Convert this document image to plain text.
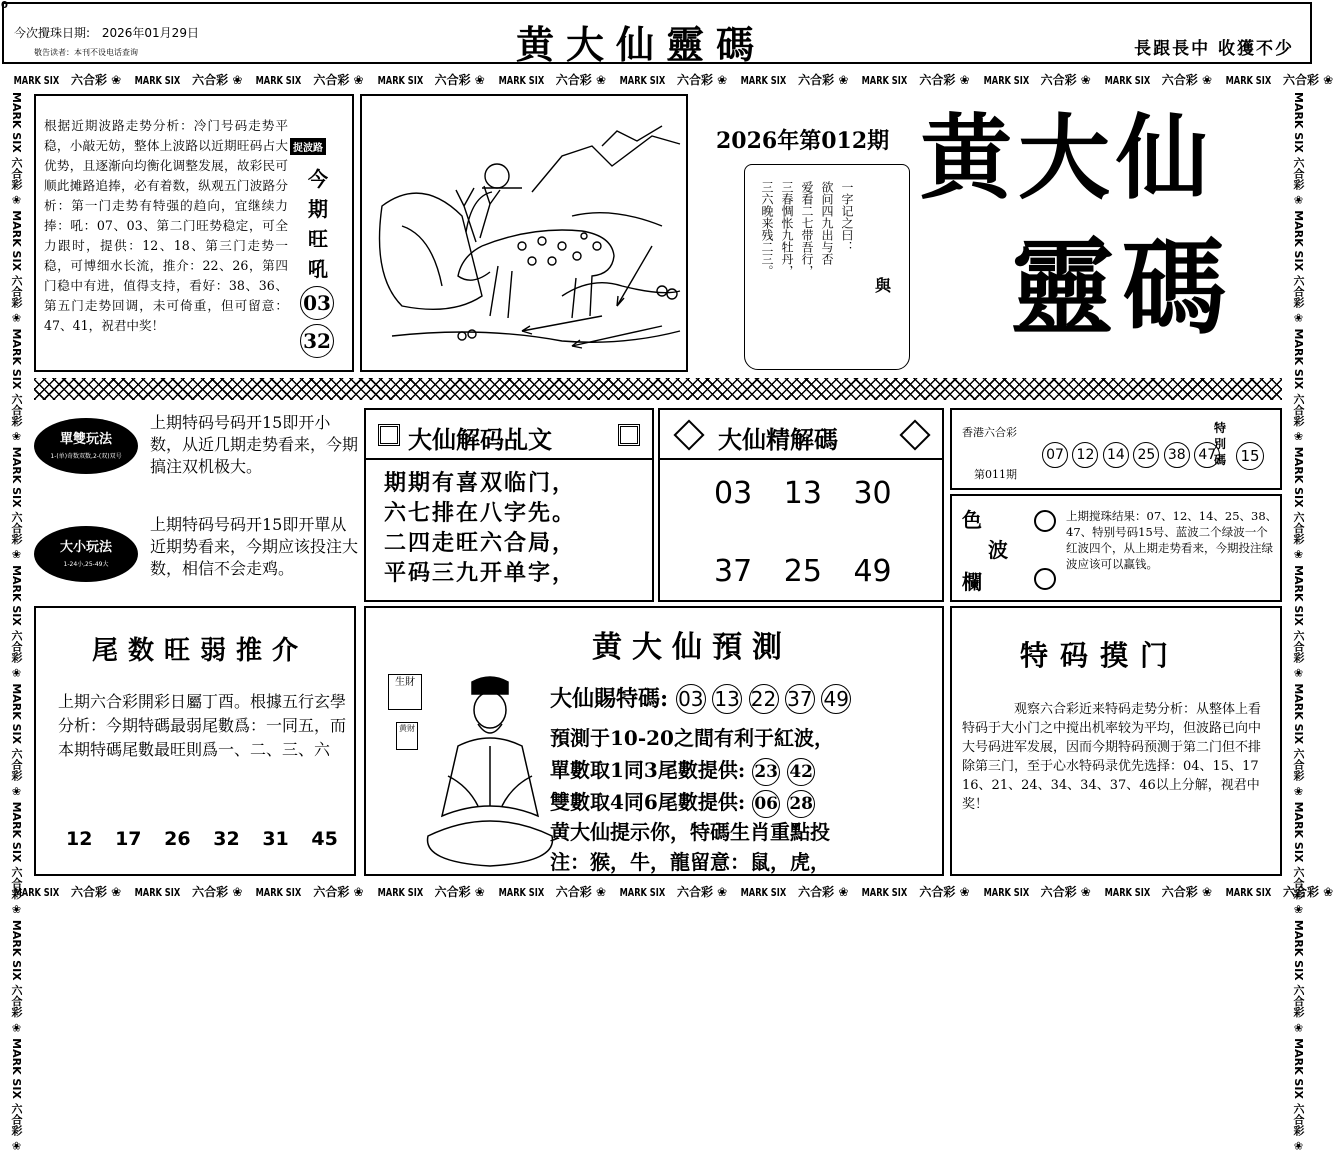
0
今次攪珠日期: 2026年01月29日
敬告读者：本刊不设电话查询	黄大仙靈碼	長跟長中 收獲不少
MARK SIX 六合彩 ❀ MARK SIX 六合彩 ❀ MARK SIX 六合彩 ❀ MARK SIX 六合彩 ❀ MARK SIX 六合彩 ❀ MARK SIX 六合彩 ❀ MARK SIX 六合彩 ❀ MARK SIX 六合彩 ❀ MARK SIX 六合彩 ❀ MARK SIX 六合彩 ❀ MARK SIX 六合彩 ❀
MARK SIX 六合彩 ❀ MARK SIX 六合彩 ❀ MARK SIX 六合彩 ❀ MARK SIX 六合彩 ❀ MARK SIX 六合彩 ❀ MARK SIX 六合彩 ❀ MARK SIX 六合彩 ❀ MARK SIX 六合彩 ❀ MARK SIX 六合彩 ❀ MARK SIX 六合彩 ❀ MARK SIX 六合彩 ❀
MARK SIX 六合彩 ❀ MARK SIX 六合彩 ❀ MARK SIX 六合彩 ❀ MARK SIX 六合彩 ❀ MARK SIX 六合彩 ❀ MARK SIX 六合彩 ❀ MARK SIX 六合彩 ❀ MARK SIX 六合彩 ❀ MARK SIX 六合彩 ❀	MARK SIX 六合彩 ❀ MARK SIX 六合彩 ❀ MARK SIX 六合彩 ❀ MARK SIX 六合彩 ❀ MARK SIX 六合彩 ❀ MARK SIX 六合彩 ❀ MARK SIX 六合彩 ❀ MARK SIX 六合彩 ❀ MARK SIX 六合彩 ❀
根据近期波路走势分析：冷门号码走势平稳，小敲无妨，整体上波路以近期旺码占大优势，且逐渐向均衡化调整发展，故彩民可顺此摊路追捧，必有着数，纵观五门波路分析：第一门走势有特强的趋向，宜继续力捧：吼：07、03、第二门旺势稳定，可全力跟时，提供：12、18、第三门走势一稳，可博细水长流，推介：22、26，第四门稳中有进，值得支持，看好：38、36、第五门走势回调，未可倚重，但可留意：47、41，祝君中奖！
捉波路
今
期
旺
吼
03
32
2026年第012期
一字记之曰：
欲问四九出与否
爱看二七带吾行，
三春惆怅九牡丹，
三六晚来残二三。
與
黄大仙
靈碼
單雙玩法
1-(单)奇数双数,2-(双)双号
上期特码号码开15即开小数，从近几期走势看来，今期搞注双机极大。
大小玩法
1-24小,25-49大
上期特码号码开15即开單从近期势看来，今期应该投注大数，相信不会走鸡。
大仙解码乩文
期期有喜双临门，
六七排在八字先。
二四走旺六合局，
平码三九开单字，
大仙精解碼
03 13 30
37 25 49
香港六合彩
第011期
07 12 14 25 38 47
特別碼 15
色
波
欄
上期搅珠结果：07、12、14、25、38、47、特别号码15号、蓝波二个绿波一个红波四个，从上期走势看来，今期投注绿波应该可以赢钱。
尾数旺弱推介
上期六合彩開彩日屬丁酉。根據五行玄學分析：今期特碼最弱尾數爲：一同五，而本期特碼尾數最旺則爲一、二、三、六
12 17 26 32 31 45
黄大仙預測
生財
黄财
大仙賜特碼: 03 13 22 37 49
預測于10-20之間有利于紅波，
單數取1同3尾數提供: 23 42
雙數取4同6尾數提供: 06 28
黄大仙提示你，特碼生肖重點投
注：猴，牛，龍留意：鼠，虎，
特码摸门
观察六合彩近来特码走势分析：从整体上看特码于大小门之中搅出机率较为平均，但波路已向中大号码进军发展，因而今期特码预测于第二门但不排除第三门，至于心水特码录优先选择：04、15、17 16、21、24、34、34、37、46以上分解，视君中奖！
